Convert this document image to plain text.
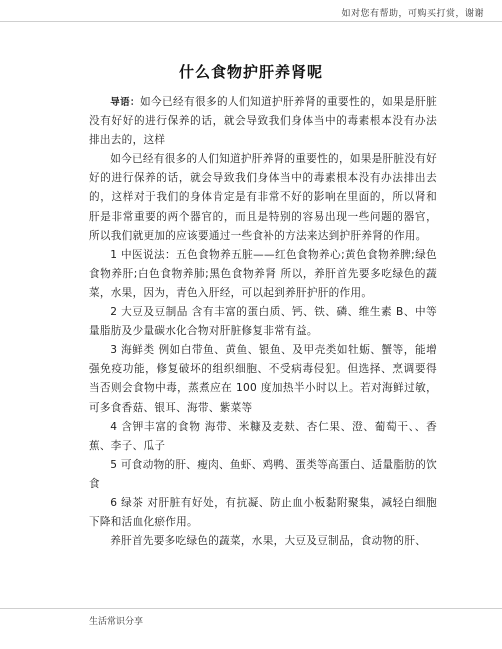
如对您有帮助，可购买打赏，谢谢
什么食物护肝养肾呢

导语：如今已经有很多的人们知道护肝养肾的重要性的，如果是肝脏没有好好的进行保养的话，就会导致我们身体当中的毒素根本没有办法排出去的，这样

如今已经有很多的人们知道护肝养肾的重要性的，如果是肝脏没有好好的进行保养的话，就会导致我们身体当中的毒素根本没有办法排出去的，这样对于我们的身体肯定是有非常不好的影响在里面的，所以肾和肝是非常重要的两个器官的，而且是特别的容易出现一些问题的器官，所以我们就更加的应该要通过一些食补的方法来达到护肝养肾的作用。

1 中医说法：五色食物养五脏——红色食物养心;黄色食物养脾;绿色食物养肝;白色食物养肺;黑色食物养肾 所以，养肝首先要多吃绿色的蔬菜，水果，因为，青色入肝经，可以起到养肝护肝的作用。

2 大豆及豆制品 含有丰富的蛋白质、钙、铁、磷、维生素 B、中等量脂肪及少量碳水化合物对肝脏修复非常有益。

3 海鲜类 例如白带鱼、黄鱼、银鱼、及甲壳类如牡蛎、蟹等，能增强免疫功能，修复破坏的组织细胞、不受病毒侵犯。但选择、烹调要得当否则会食物中毒，蒸煮应在 100 度加热半小时以上。若对海鲜过敏，可多食香菇、银耳、海带、紫菜等

4 含钾丰富的食物 海带、米糠及麦麸、杏仁果、澄、葡萄干、、香蕉、李子、瓜子

5 可食动物的肝、瘦肉、鱼虾、鸡鸭、蛋类等高蛋白、适量脂肪的饮食

6 绿茶 对肝脏有好处，有抗凝、防止血小板黏附聚集，减轻白细胞下降和活血化瘀作用。

养肝首先要多吃绿色的蔬菜，水果，大豆及豆制品，食动物的肝、

生活常识分享
